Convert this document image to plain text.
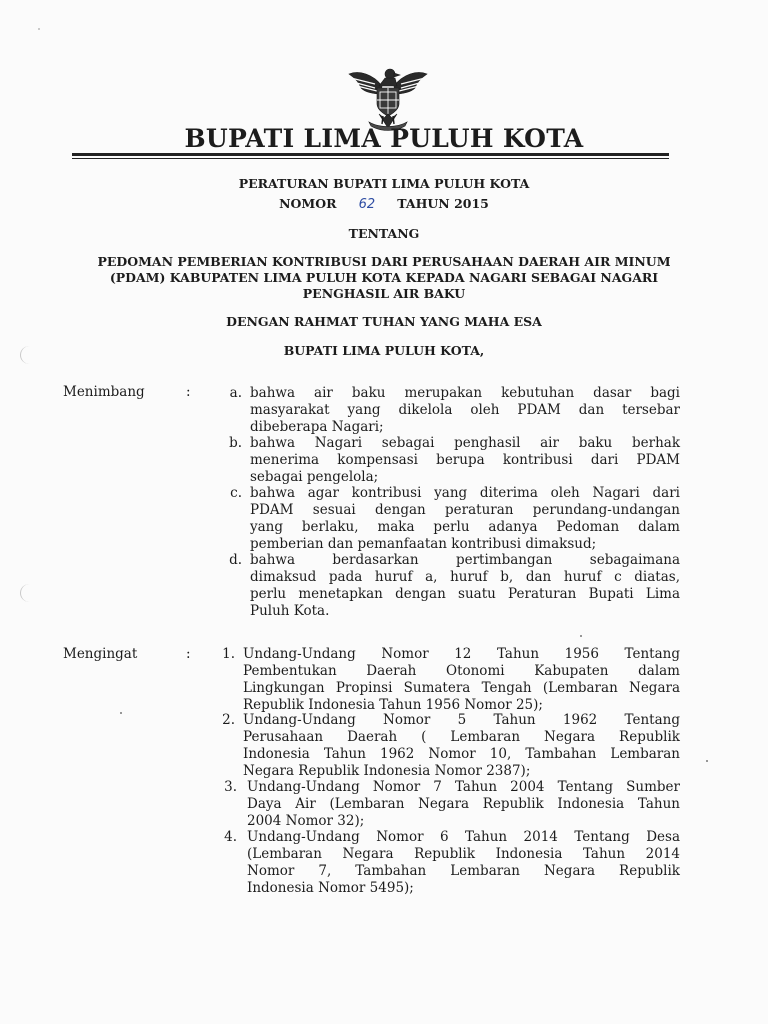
BUPATI LIMA PULUH KOTA
PERATURAN BUPATI LIMA PULUH KOTA
NOMOR 62 TAHUN 2015
TENTANG
PEDOMAN PEMBERIAN KONTRIBUSI DARI PERUSAHAAN DAERAH AIR MINUM
(PDAM) KABUPATEN LIMA PULUH KOTA KEPADA NAGARI SEBAGAI NAGARI
PENGHASIL AIR BAKU
DENGAN RAHMAT TUHAN YANG MAHA ESA
BUPATI LIMA PULUH KOTA,
Menimbang	:	a. bahwa air baku merupakan kebutuhan dasar bagi
masyarakat yang dikelola oleh PDAM dan tersebar
dibeberapa Nagari;
b. bahwa Nagari sebagai penghasil air baku berhak
menerima kompensasi berupa kontribusi dari PDAM
sebagai pengelola;
c. bahwa agar kontribusi yang diterima oleh Nagari dari
PDAM sesuai dengan peraturan perundang-undangan
yang berlaku, maka perlu adanya Pedoman dalam
pemberian dan pemanfaatan kontribusi dimaksud;
d. bahwa berdasarkan pertimbangan sebagaimana
dimaksud pada huruf a, huruf b, dan huruf c diatas,
perlu menetapkan dengan suatu Peraturan Bupati Lima
Puluh Kota.
Mengingat	:	1. Undang-Undang Nomor 12 Tahun 1956 Tentang
Pembentukan Daerah Otonomi Kabupaten dalam
Lingkungan Propinsi Sumatera Tengah (Lembaran Negara
Republik Indonesia Tahun 1956 Nomor 25);
2. Undang-Undang Nomor 5 Tahun 1962 Tentang
Perusahaan Daerah ( Lembaran Negara Republik
Indonesia Tahun 1962 Nomor 10, Tambahan Lembaran
Negara Republik Indonesia Nomor 2387);
3. Undang-Undang Nomor 7 Tahun 2004 Tentang Sumber
Daya Air (Lembaran Negara Republik Indonesia Tahun
2004 Nomor 32);
4. Undang-Undang Nomor 6 Tahun 2014 Tentang Desa
(Lembaran Negara Republik Indonesia Tahun 2014
Nomor 7, Tambahan Lembaran Negara Republik
Indonesia Nomor 5495);
